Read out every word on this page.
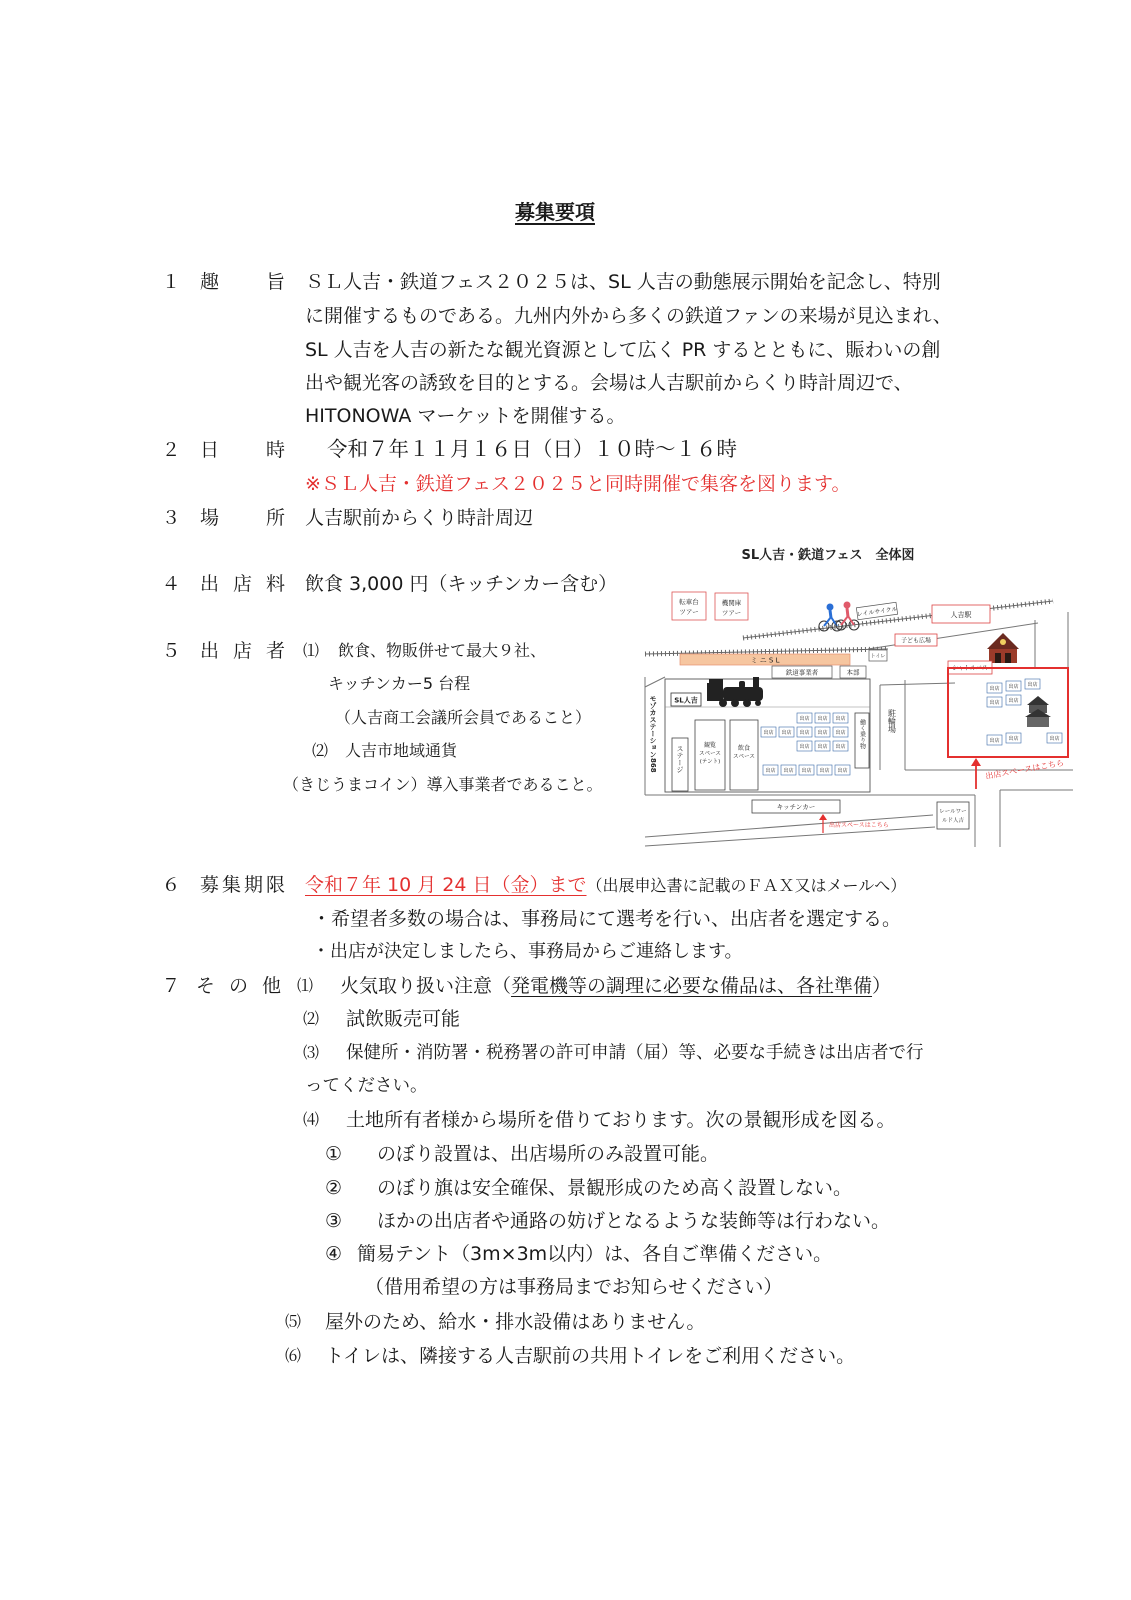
募集要項
１ 趣旨 ＳＬ人吉・鉄道フェス２０２５は、SL 人吉の動態展示開始を記念し、特別
に開催するものである。九州内外から多くの鉄道ファンの来場が見込まれ、
SL 人吉を人吉の新たな観光資源として広く PR するとともに、賑わいの創
出や観光客の誘致を目的とする。会場は人吉駅前からくり時計周辺で、
HITONOWA マーケットを開催する。
２ 日時 令和７年１１月１６日（日）１０時～１６時
※ＳＬ人吉・鉄道フェス２０２５と同時開催で集客を図ります。
３ 場所 人吉駅前からくり時計周辺
４ 出店料 飲食 3,000 円（キッチンカー含む）
５ 出店者 ⑴ 飲食、物販併せて最大９社、
キッチンカー5 台程
（人吉商工会議所会員であること）
⑵ 人吉市地域通貨
（きじうまコイン）導入事業者であること。
SL人吉・鉄道フェス　全体図
転車台
ツアー
機関庫
ツアー	レイルサイクル	人吉駅
子ども広場
トイレ
ミ ニ S L
鉄道事業者	本部	シャトルバス
SL人吉
モゾカステーション868	ステージ	観覧
スペース
(テント)
飲食
スペース
働く乗り物	駐輪場
出店 出店 出店
出店 出店 出店 出店 出店
出店 出店 出店
出店 出店 出店 出店 出店
出店 出店 出店
出店 出店
出店 出店	出店
キッチンカー
出店スペースはこちら
レールワー
ルド人吉
出店スペースはこちら
６ 募集期限 令和７年 10 月 24 日（金）まで（出展申込書に記載のＦＡＸ又はメールへ）
・希望者多数の場合は、事務局にて選考を行い、出店者を選定する。
・出店が決定しましたら、事務局からご連絡します。
７ その他 ⑴ 火気取り扱い注意（発電機等の調理に必要な備品は、各社準備）
⑵ 試飲販売可能
⑶ 保健所・消防署・税務署の許可申請（届）等、必要な手続きは出店者で行
ってください。
⑷ 土地所有者様から場所を借りております。次の景観形成を図る。
① のぼり設置は、出店場所のみ設置可能。
② のぼり旗は安全確保、景観形成のため高く設置しない。
③ ほかの出店者や通路の妨げとなるような装飾等は行わない。
④ 簡易テント（3m×3m以内）は、各自ご準備ください。
（借用希望の方は事務局までお知らせください）
⑸ 屋外のため、給水・排水設備はありません。
⑹ トイレは、隣接する人吉駅前の共用トイレをご利用ください。
